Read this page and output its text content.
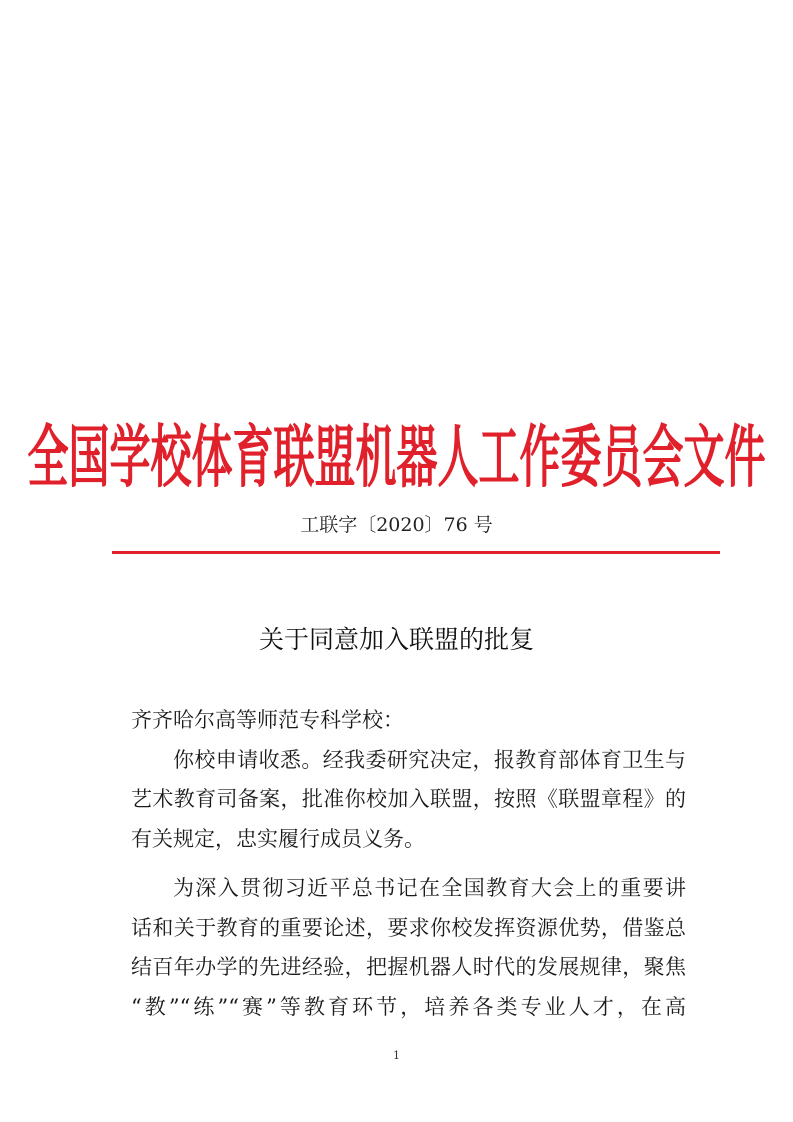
全国学校体育联盟机器人工作委员会文件
工联字〔2020〕76 号
关于同意加入联盟的批复
齐齐哈尔高等师范专科学校：
你校申请收悉。经我委研究决定，报教育部体育卫生与
艺术教育司备案，批准你校加入联盟，按照《联盟章程》的
有关规定，忠实履行成员义务。
为深入贯彻习近平总书记在全国教育大会上的重要讲
话和关于教育的重要论述，要求你校发挥资源优势，借鉴总
结百年办学的先进经验，把握机器人时代的发展规律，聚焦
“教”“练”“赛”等教育环节，培养各类专业人才，在高
1
